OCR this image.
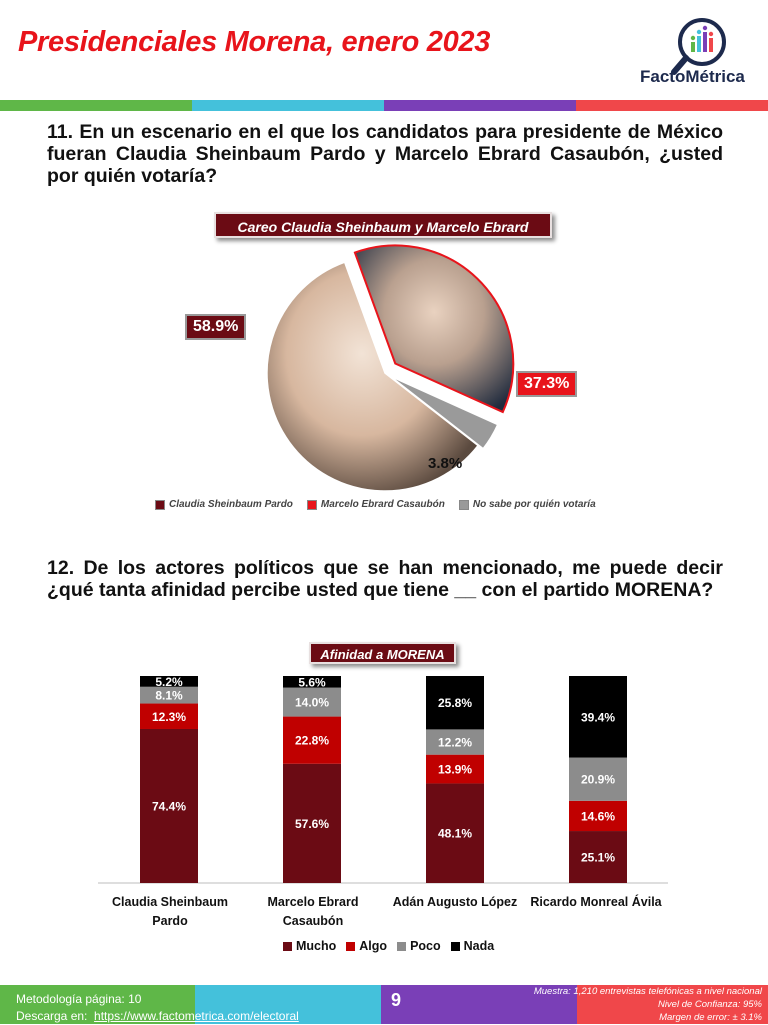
Presidenciales Morena, enero 2023
FactoMétrica
11. En un escenario en el que los candidatos para presidente de México fueran Claudia Sheinbaum Pardo y Marcelo Ebrard Casaubón, ¿usted por quién votaría?
Careo Claudia Sheinbaum y Marcelo Ebrard
58.9%
37.3%
3.8%
Claudia Sheinbaum Pardo	Marcelo Ebrard Casaubón	No sabe por quién votaría
12. De los actores políticos que se han mencionado, me puede decir ¿qué tanta afinidad percibe usted que tiene __ con el partido MORENA?
Afinidad a MORENA
74.4%
12.3%
8.1%
5.2%
57.6%
22.8%
14.0%
5.6%
48.1%
13.9%
12.2%
25.8%
25.1%
14.6%
20.9%
39.4%
Claudia Sheinbaum Pardo
Marcelo Ebrard Casaubón
Adán Augusto López	Ricardo Monreal Ávila
Mucho Algo Poco Nada
Metodología página: 10
Descarga en: https://www.factometrica.com/electoral
9	Muestra: 1,210 entrevistas telefónicas a nivel nacional
Nivel de Confianza: 95%
Margen de error: ± 3.1%
